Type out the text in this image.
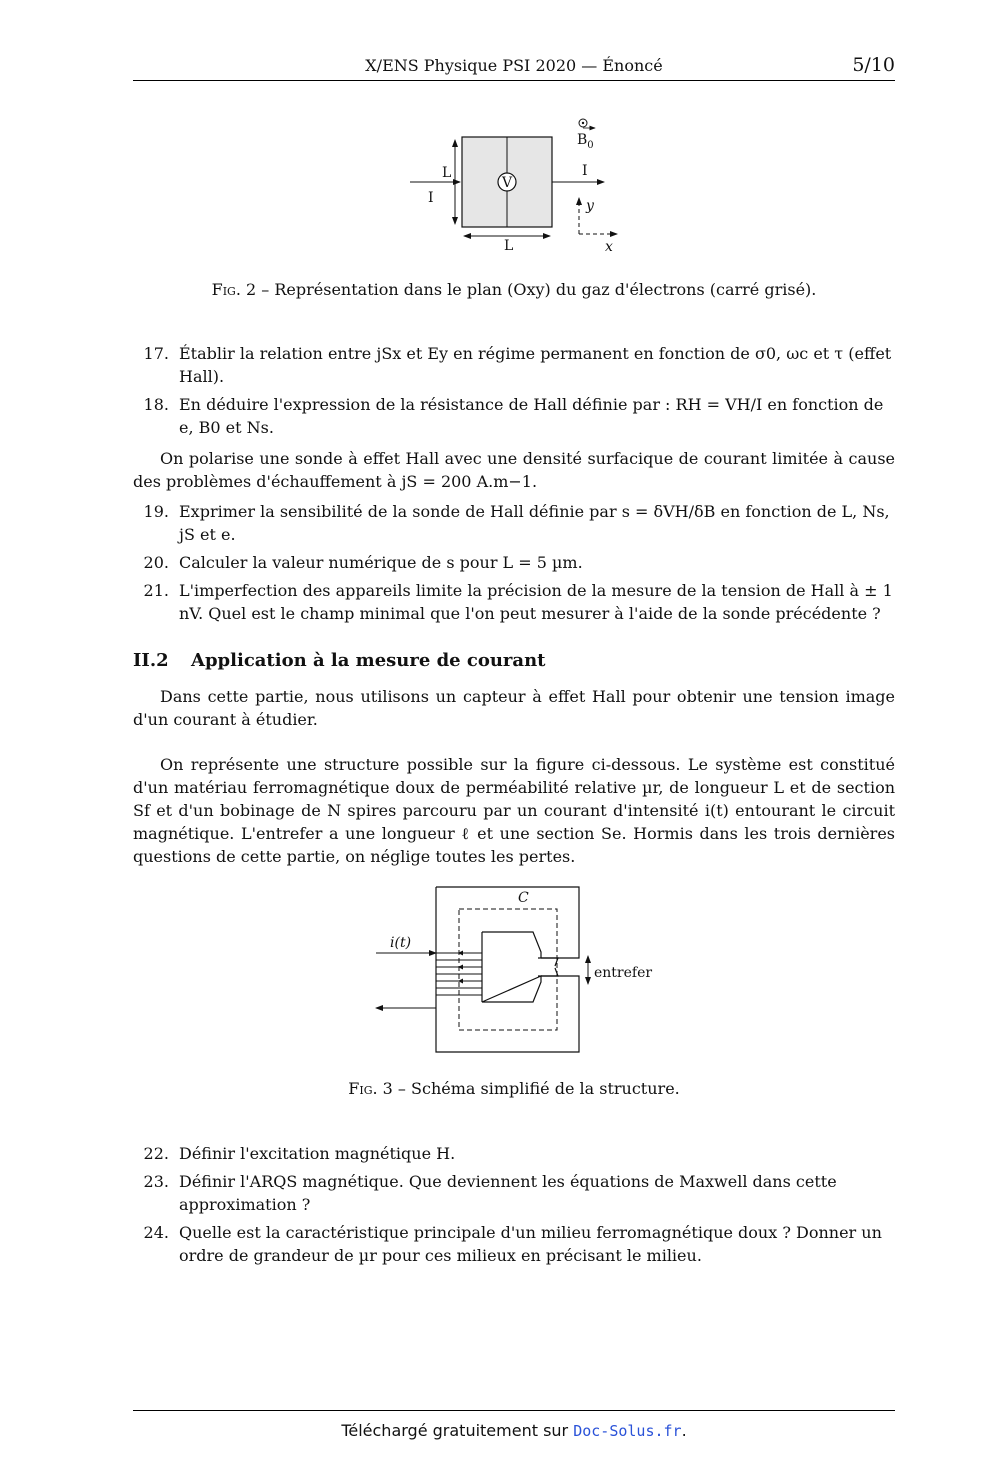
X/ENS Physique PSI 2020 — Énoncé	5/10
V
I
I
L
L
$B_0$
y
x
Fig. 2 – Représentation dans le plan (Oxy) du gaz d'électrons (carré grisé).
17. Établir la relation entre jSx et Ey en régime permanent en fonction de σ0, ωc et τ (effet Hall).
18. En déduire l'expression de la résistance de Hall définie par : RH = VH/I en fonction de e, B0 et Ns.
On polarise une sonde à effet Hall avec une densité surfacique de courant limitée à cause des problèmes d'échauffement à jS = 200 A.m−1.
19. Exprimer la sensibilité de la sonde de Hall définie par s = δVH/δB en fonction de L, Ns, jS et e.
20. Calculer la valeur numérique de s pour L = 5 µm.
21. L'imperfection des appareils limite la précision de la mesure de la tension de Hall à ± 1 nV. Quel est le champ minimal que l'on peut mesurer à l'aide de la sonde précédente ?
II.2 Application à la mesure de courant
Dans cette partie, nous utilisons un capteur à effet Hall pour obtenir une tension image d'un courant à étudier.
On représente une structure possible sur la figure ci-dessous. Le système est constitué d'un matériau ferromagnétique doux de perméabilité relative µr, de longueur L et de section Sf et d'un bobinage de N spires parcouru par un courant d'intensité i(t) entourant le circuit magnétique. L'entrefer a une longueur ℓ et une section Se. Hormis dans les trois dernières questions de cette partie, on néglige toutes les pertes.
C
i(t)
entrefer
Fig. 3 – Schéma simplifié de la structure.
22. Définir l'excitation magnétique H.
23. Définir l'ARQS magnétique. Que deviennent les équations de Maxwell dans cette approximation ?
24. Quelle est la caractéristique principale d'un milieu ferromagnétique doux ? Donner un ordre de grandeur de µr pour ces milieux en précisant le milieu.
Téléchargé gratuitement sur Doc-Solus.fr.
